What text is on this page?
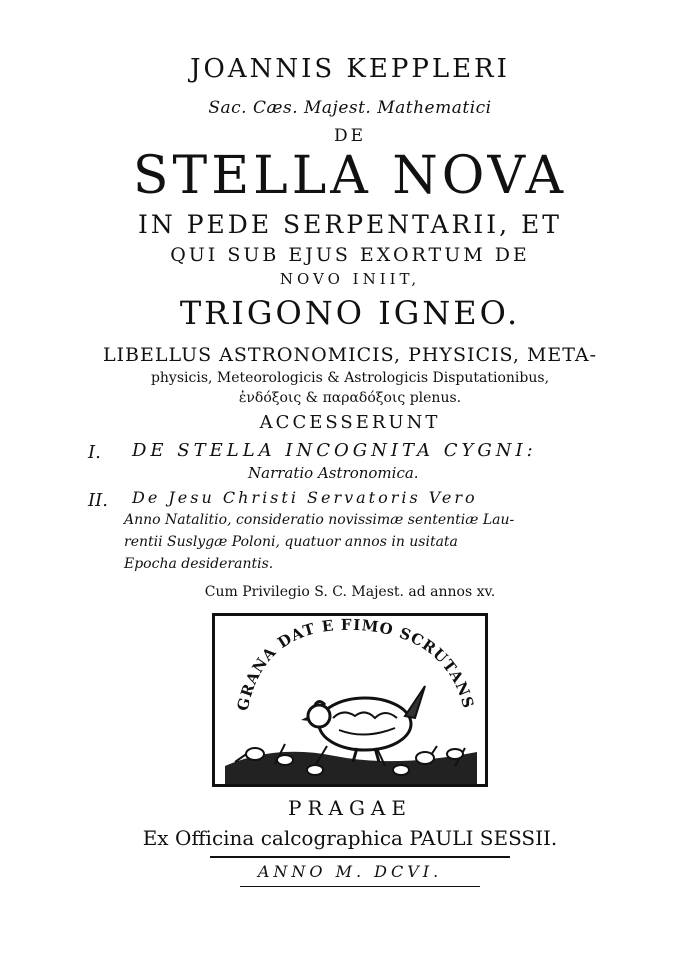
JOANNIS KEPPLERI
Sac. Cæs. Majest. Mathematici
DE
STELLA NOVA
IN PEDE SERPENTARII, ET
QUI SUB EJUS EXORTUM DE
NOVO INIIT,
TRIGONO IGNEO.
LIBELLUS ASTRONOMICIS, PHYSICIS, META-
physicis, Meteorologicis & Astrologicis Disputationibus,
ἐνδόξοις & παραδόξοις plenus.
ACCESSERUNT
I.	DE STELLA INCOGNITA CYGNI:
Narratio Astronomica.
II.	De Jesu Christi Servatoris Vero
Anno Natalitio, consideratio novissimæ sententiæ Lau-
rentii Suslygæ Poloni, quatuor annos in usitata
Epocha desiderantis.
Cum Privilegio S. C. Majest. ad annos xv.
GRANA DAT E FIMO SCRUTANS
PRAGAE
Ex Officina calcographica PAULI SESSII.
ANNO M. DCVI.
